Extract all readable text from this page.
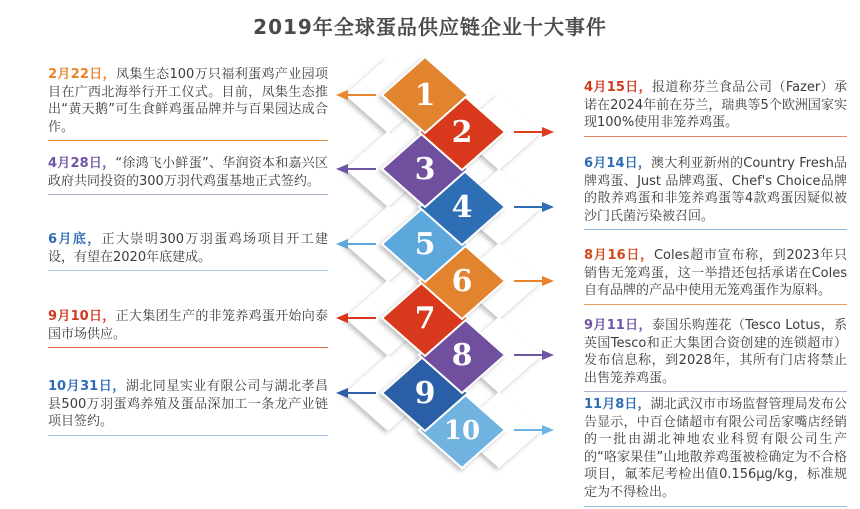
2019年全球蛋品供应链企业十大事件
2月22日，凤集生态100万只福利蛋鸡产业园项目在广西北海举行开工仪式。目前，凤集生态推出“黄天鹅”可生食鲜鸡蛋品牌并与百果园达成合作。
4月28日，“徐鸿飞小鲜蛋”、华润资本和嘉兴区政府共同投资的300万羽代鸡蛋基地正式签约。
6月底，正大崇明300万羽蛋鸡场项目开工建设，有望在2020年底建成。
9月10日，正大集团生产的非笼养鸡蛋开始向泰国市场供应。
10月31日，湖北同星实业有限公司与湖北孝昌县500万羽蛋鸡养殖及蛋品深加工一条龙产业链项目签约。
4月15日，报道称芬兰食品公司（Fazer）承诺在2024年前在芬兰，瑞典等5个欧洲国家实现100%使用非笼养鸡蛋。
6月14日，澳大利亚新州的Country Fresh品牌鸡蛋、Just 品牌鸡蛋、Chef's Choice品牌的散养鸡蛋和非笼养鸡蛋等4款鸡蛋因疑似被沙门氏菌污染被召回。
8月16日，Coles超市宣布称，到2023年只销售无笼鸡蛋，这一举措还包括承诺在Coles自有品牌的产品中使用无笼鸡蛋作为原料。
9月11日，泰国乐购莲花（Tesco Lotus，系英国Tesco和正大集团合资创建的连锁超市）发布信息称，到2028年，其所有门店将禁止出售笼养鸡蛋。
11月8日，湖北武汉市市场监督管理局发布公告显示，中百仓储超市有限公司岳家嘴店经销的一批由湖北神地农业科贸有限公司生产的“咯家果佳”山地散养鸡蛋被检确定为不合格项目，氟苯尼考检出值0.156μg/kg，标准规定为不得检出。
1
2
3
4
5
6
7
8
9
10
